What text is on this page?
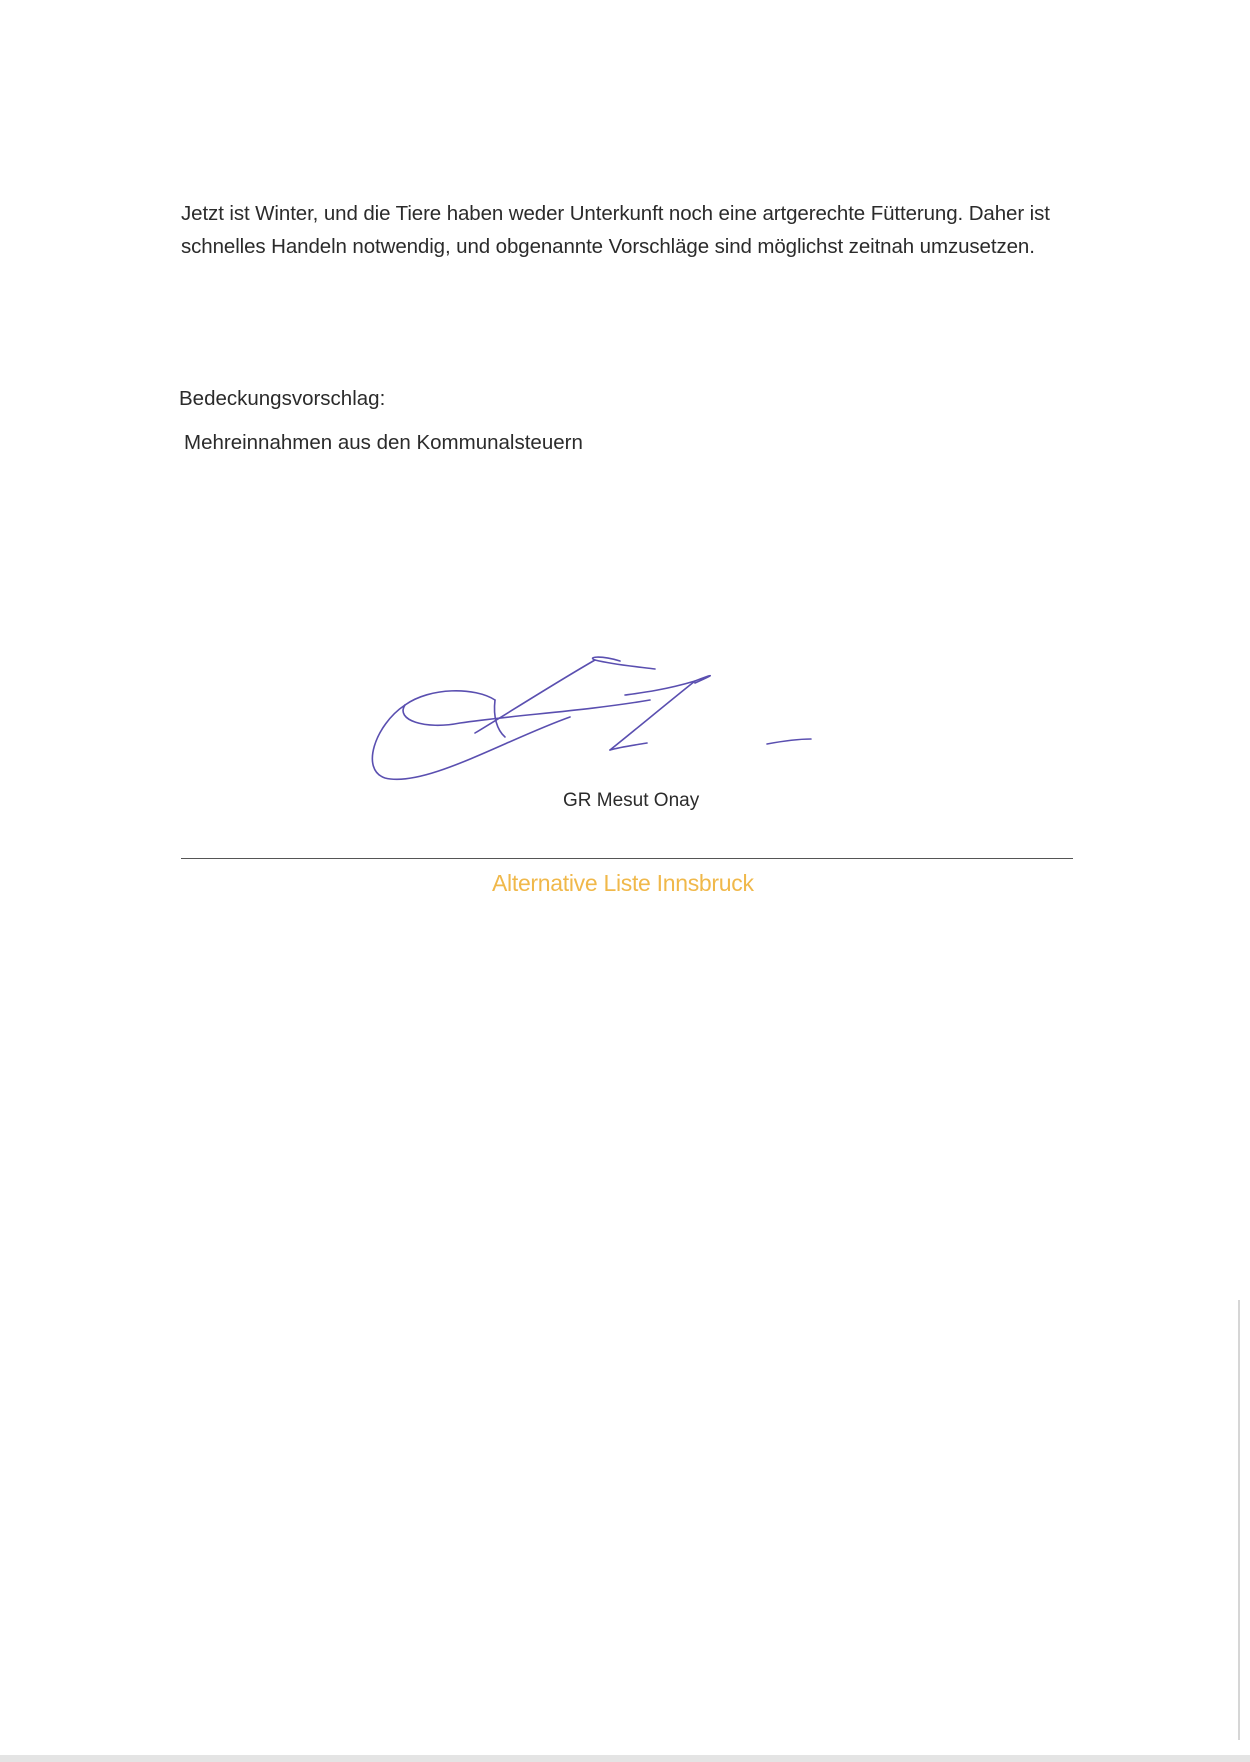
Jetzt ist Winter, und die Tiere haben weder Unterkunft noch eine artgerechte Fütterung. Daher ist
schnelles Handeln notwendig, und obgenannte Vorschläge sind möglichst zeitnah umzusetzen.
Bedeckungsvorschlag:
Mehreinnahmen aus den Kommunalsteuern
GR Mesut Onay
Alternative Liste Innsbruck
